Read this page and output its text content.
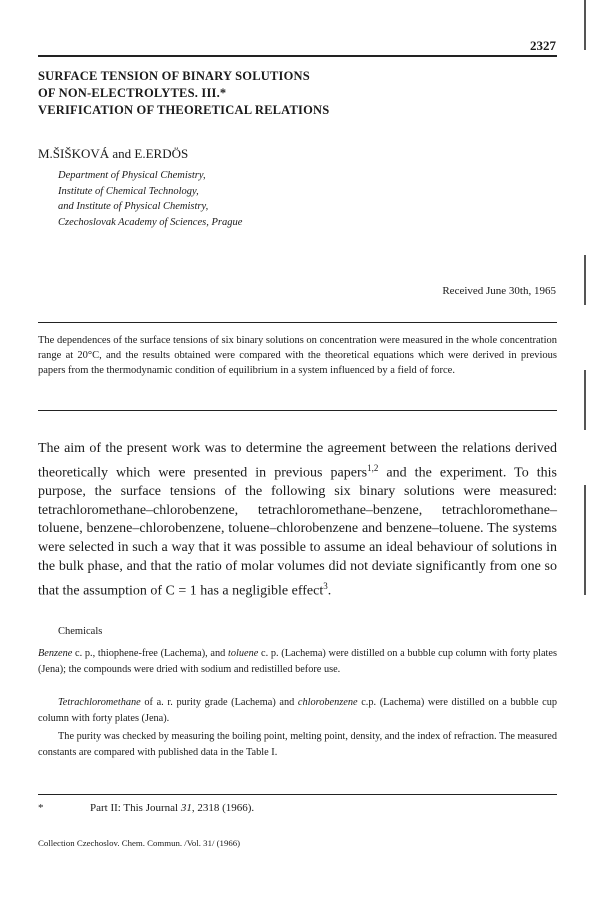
2327
SURFACE TENSION OF BINARY SOLUTIONS
OF NON-ELECTROLYTES. III.*
VERIFICATION OF THEORETICAL RELATIONS
M.ŠIŠKOVÁ and E.ERDÖS
Department of Physical Chemistry,
Institute of Chemical Technology,
and Institute of Physical Chemistry,
Czechoslovak Academy of Sciences, Prague
Received June 30th, 1965
The dependences of the surface tensions of six binary solutions on concentration were measured in the whole concentration range at 20°C, and the results obtained were compared with the theoretical equations which were derived in previous papers from the thermodynamic condition of equilibrium in a system influenced by a field of force.
The aim of the present work was to determine the agreement between the relations derived theoretically which were presented in previous papers$^{1,2}$ and the experiment. To this purpose, the surface tensions of the following six binary solutions were measured: tetrachloromethane–chlorobenzene, tetrachloromethane–benzene, tetrachloromethane–toluene, benzene–chlorobenzene, toluene–chlorobenzene and benzene–toluene. The systems were selected in such a way that it was possible to assume an ideal behaviour of solutions in the bulk phase, and that the ratio of molar volumes did not deviate significantly from one so that the assumption of C = 1 has a negligible effect$^3$.
Chemicals
Benzene c. p., thiophene-free (Lachema), and toluene c. p. (Lachema) were distilled on a bubble cup column with forty plates (Jena); the compounds were dried with sodium and redistilled before use.
Tetrachloromethane of a. r. purity grade (Lachema) and chlorobenzene c.p. (Lachema) were distilled on a bubble cup column with forty plates (Jena).
The purity was checked by measuring the boiling point, melting point, density, and the index of refraction. The measured constants are compared with published data in the Table I.
*	Part II: This Journal 31, 2318 (1966).
Collection Czechoslov. Chem. Commun. /Vol. 31/ (1966)
